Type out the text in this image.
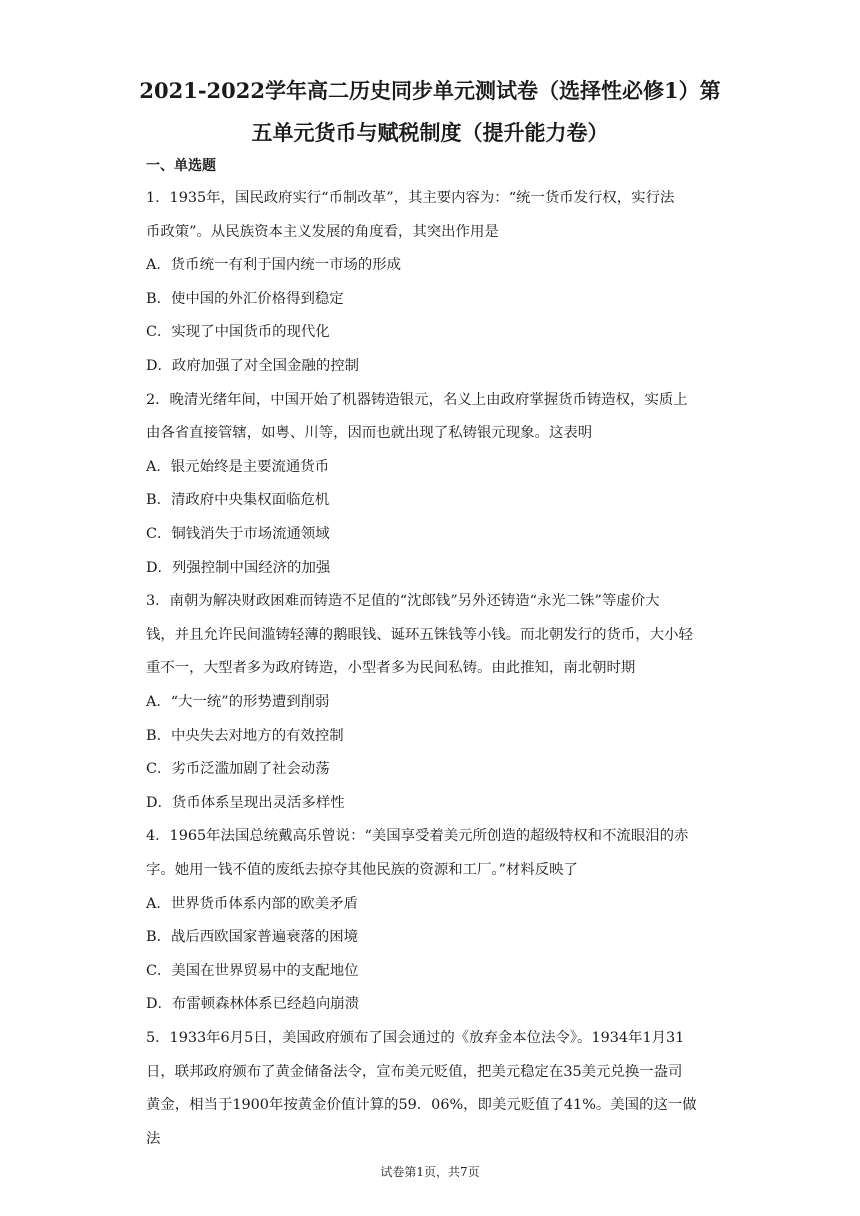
2021-2022学年高二历史同步单元测试卷（选择性必修1）第
五单元货币与赋税制度（提升能力卷）
一、单选题
1．1935年，国民政府实行“币制改革”，其主要内容为：“统一货币发行权，实行法
币政策”。从民族资本主义发展的角度看，其突出作用是
A．货币统一有利于国内统一市场的形成
B．使中国的外汇价格得到稳定
C．实现了中国货币的现代化
D．政府加强了对全国金融的控制
2．晚清光绪年间，中国开始了机器铸造银元，名义上由政府掌握货币铸造权，实质上
由各省直接管辖，如粤、川等，因而也就出现了私铸银元现象。这表明
A．银元始终是主要流通货币
B．清政府中央集权面临危机
C．铜钱消失于市场流通领域
D．列强控制中国经济的加强
3．南朝为解决财政困难而铸造不足值的“沈郎钱”另外还铸造“永光二铢”等虚价大
钱，并且允许民间滥铸轻薄的鹅眼钱、诞环五铢钱等小钱。而北朝发行的货币，大小轻
重不一，大型者多为政府铸造，小型者多为民间私铸。由此推知，南北朝时期
A．“大一统”的形势遭到削弱
B．中央失去对地方的有效控制
C．劣币泛滥加剧了社会动荡
D．货币体系呈现出灵活多样性
4．1965年法国总统戴高乐曾说：“美国享受着美元所创造的超级特权和不流眼泪的赤
字。她用一钱不值的废纸去掠夺其他民族的资源和工厂。”材料反映了
A．世界货币体系内部的欧美矛盾
B．战后西欧国家普遍衰落的困境
C．美国在世界贸易中的支配地位
D．布雷顿森林体系已经趋向崩溃
5．1933年6月5日，美国政府颁布了国会通过的《放弃金本位法令》。1934年1月31
日，联邦政府颁布了黄金储备法令，宣布美元贬值，把美元稳定在35美元兑换一盎司
黄金，相当于1900年按黄金价值计算的59．06%，即美元贬值了41%。美国的这一做
法
试卷第1页，共7页
